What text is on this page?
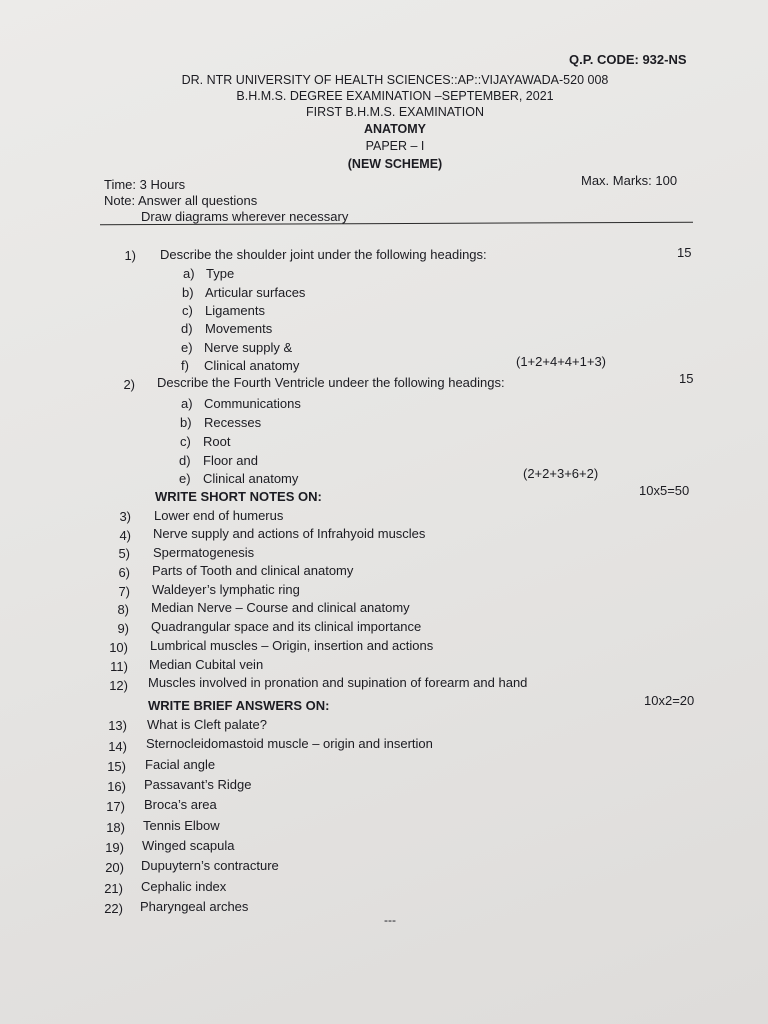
Q.P. CODE: 932-NS
DR. NTR UNIVERSITY OF HEALTH SCIENCES::AP::VIJAYAWADA-520 008
B.H.M.S. DEGREE EXAMINATION –SEPTEMBER, 2021
FIRST B.H.M.S. EXAMINATION
ANATOMY
PAPER – I
(NEW SCHEME)
Time: 3 Hours	Max. Marks: 100
Note: Answer all questions
Draw diagrams wherever necessary
1) Describe the shoulder joint under the following headings:	15
a) Type
b) Articular surfaces
c) Ligaments
d) Movements
e) Nerve supply &
f) Clinical anatomy	(1+2+4+4+1+3)
2) Describe the Fourth Ventricle undeer the following headings:	15
a) Communications
b) Recesses
c) Root
d) Floor and
e) Clinical anatomy	(2+2+3+6+2)
WRITE SHORT NOTES ON:	10x5=50
3) Lower end of humerus
4) Nerve supply and actions of Infrahyoid muscles
5) Spermatogenesis
6) Parts of Tooth and clinical anatomy
7) Waldeyer’s lymphatic ring
8) Median Nerve – Course and clinical anatomy
9) Quadrangular space and its clinical importance
10) Lumbrical muscles – Origin, insertion and actions
11) Median Cubital vein
12) Muscles involved in pronation and supination of forearm and hand
WRITE BRIEF ANSWERS ON:	10x2=20
13) What is Cleft palate?
14) Sternocleidomastoid muscle – origin and insertion
15) Facial angle
16) Passavant’s Ridge
17) Broca’s area
18) Tennis Elbow
19) Winged scapula
20) Dupuytern’s contracture
21) Cephalic index
22) Pharyngeal arches
---
